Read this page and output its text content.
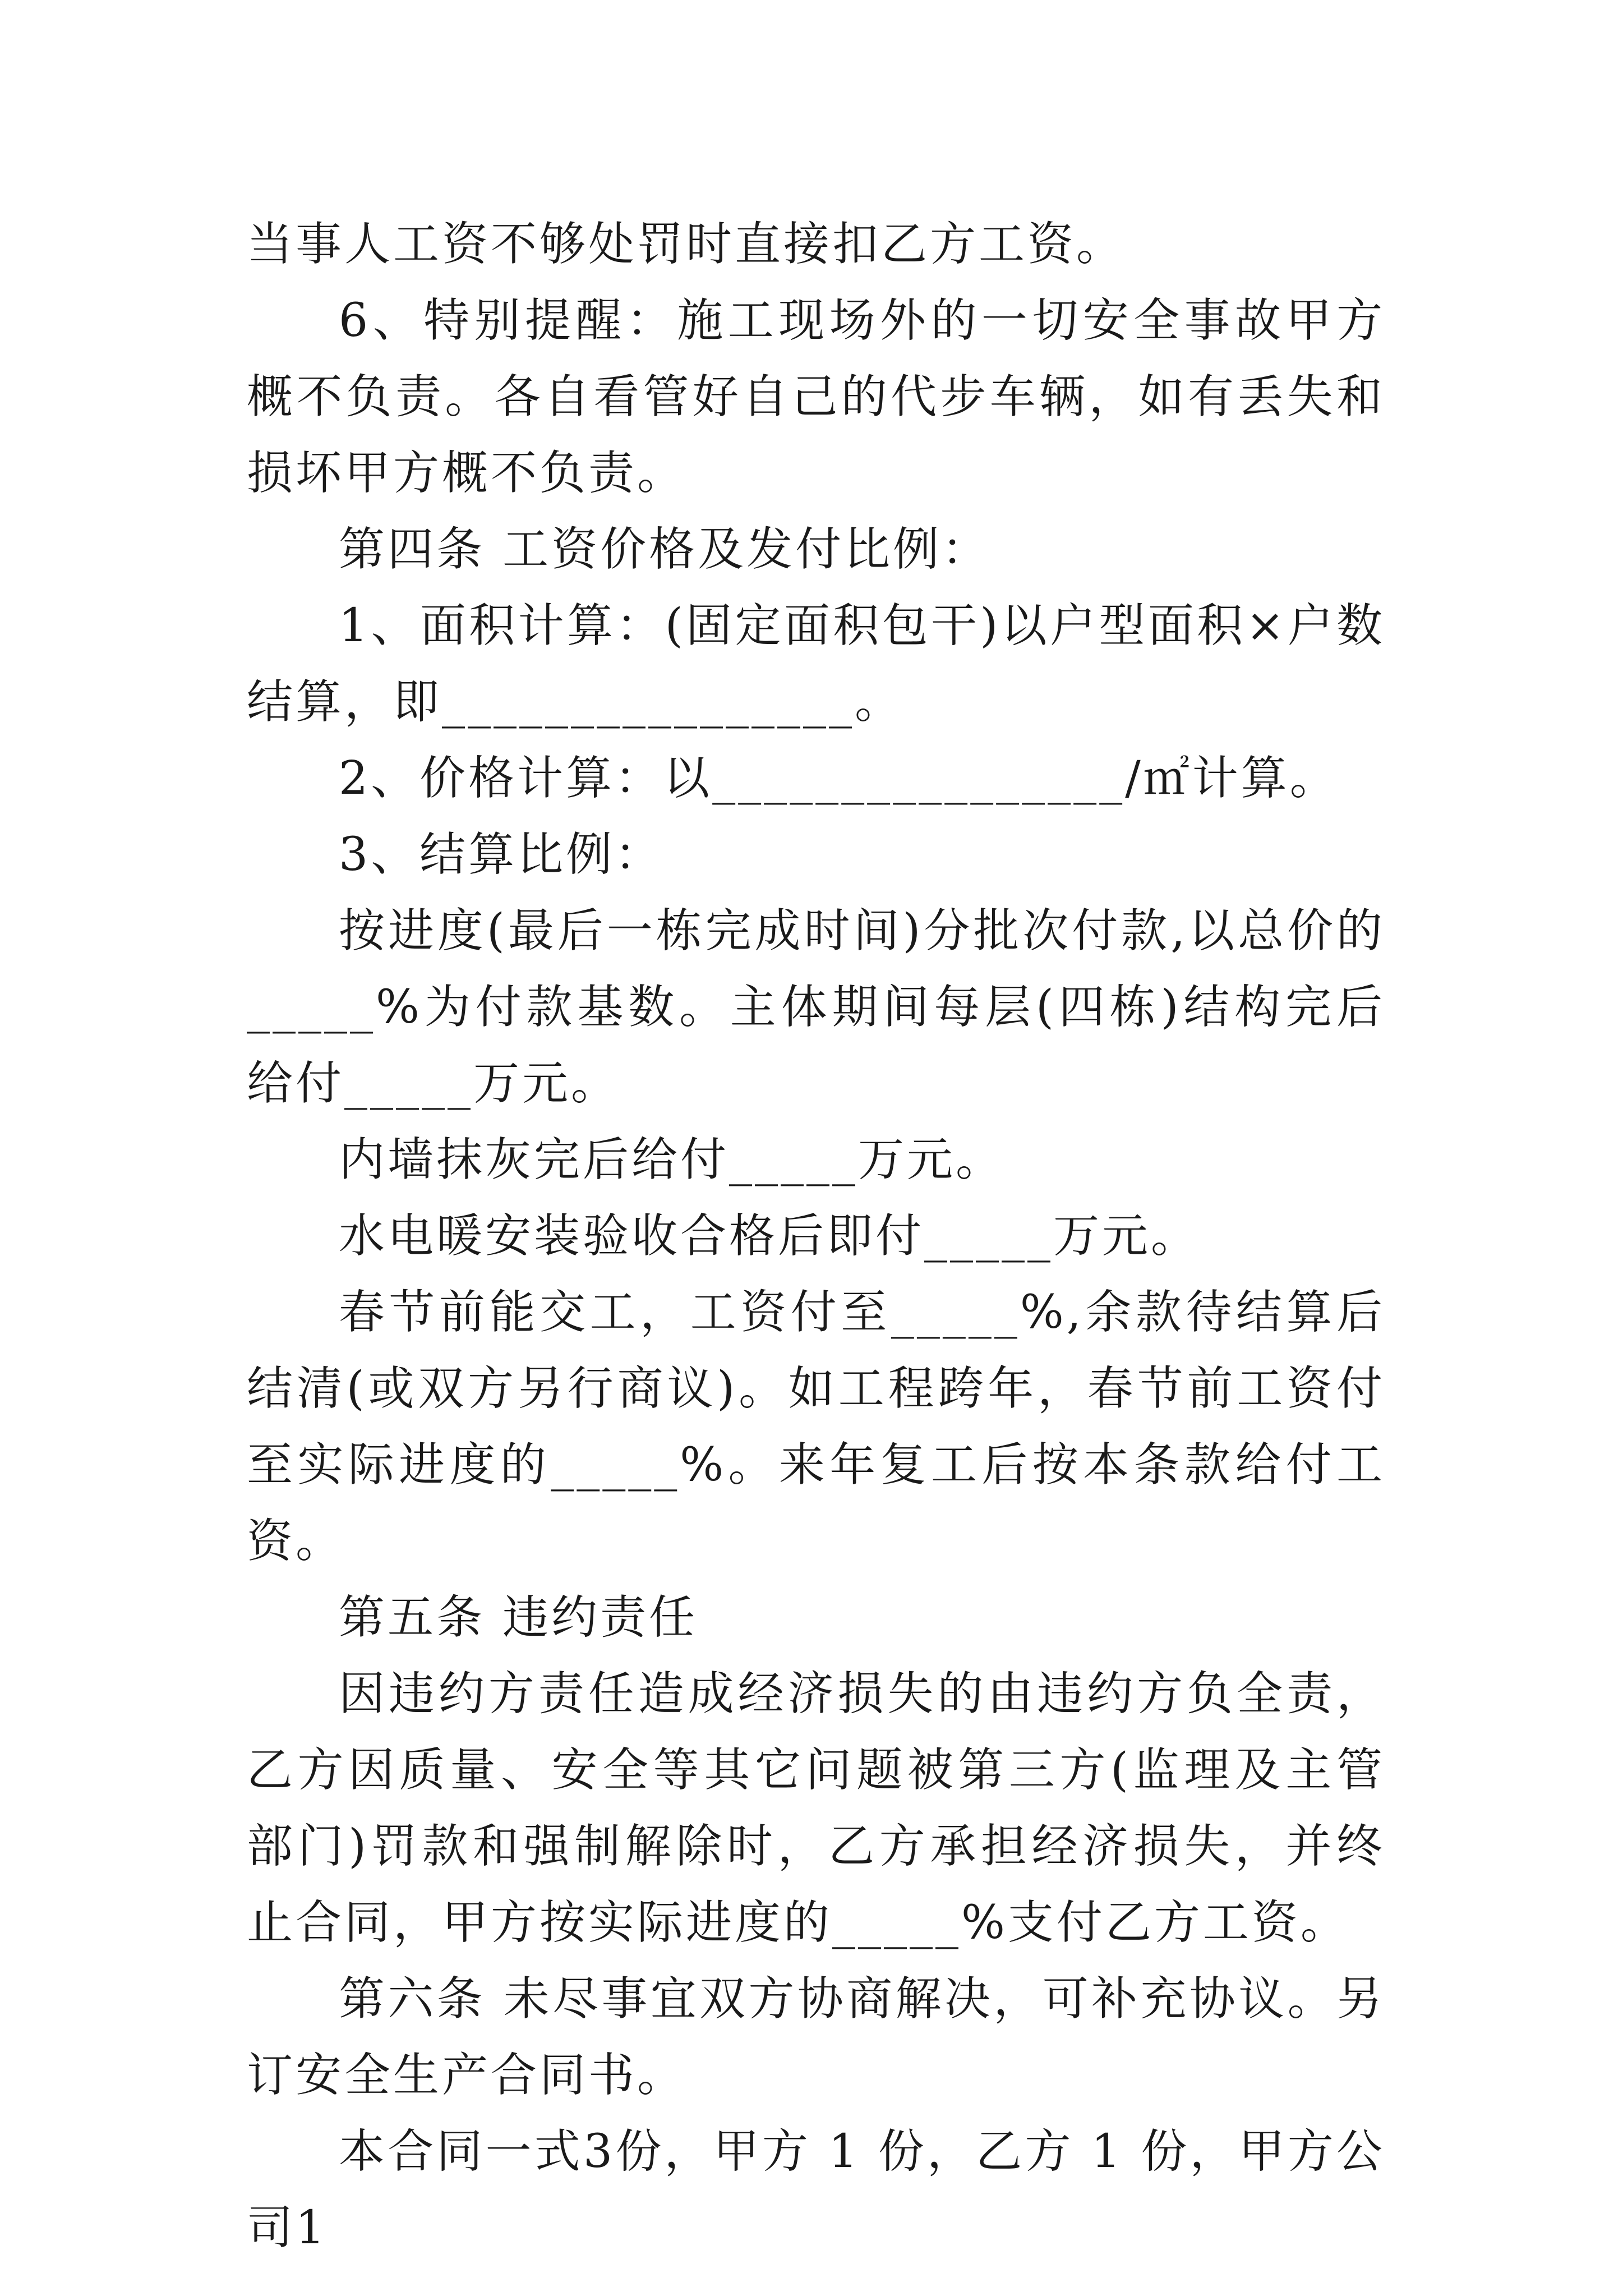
当事人工资不够处罚时直接扣乙方工资。

6、特别提醒：施工现场外的一切安全事故甲方概不负责。各自看管好自己的代步车辆，如有丢失和损坏甲方概不负责。

第四条 工资价格及发付比例：

1、面积计算：(固定面积包干)以户型面积×户数结算，即________________。

2、价格计算：以________________/㎡计算。

3、结算比例：

按进度(最后一栋完成时间)分批次付款,以总价的_____%为付款基数。主体期间每层(四栋)结构完后给付_____万元。

内墙抹灰完后给付_____万元。

水电暖安装验收合格后即付_____万元。

春节前能交工，工资付至_____%,余款待结算后结清(或双方另行商议)。如工程跨年，春节前工资付至实际进度的_____%。来年复工后按本条款给付工资。

第五条 违约责任

因违约方责任造成经济损失的由违约方负全责，乙方因质量、安全等其它问题被第三方(监理及主管部门)罚款和强制解除时，乙方承担经济损失，并终止合同，甲方按实际进度的_____%支付乙方工资。

第六条 未尽事宜双方协商解决，可补充协议。另订安全生产合同书。

本合同一式3份，甲方 1 份，乙方 1 份，甲方公司1
